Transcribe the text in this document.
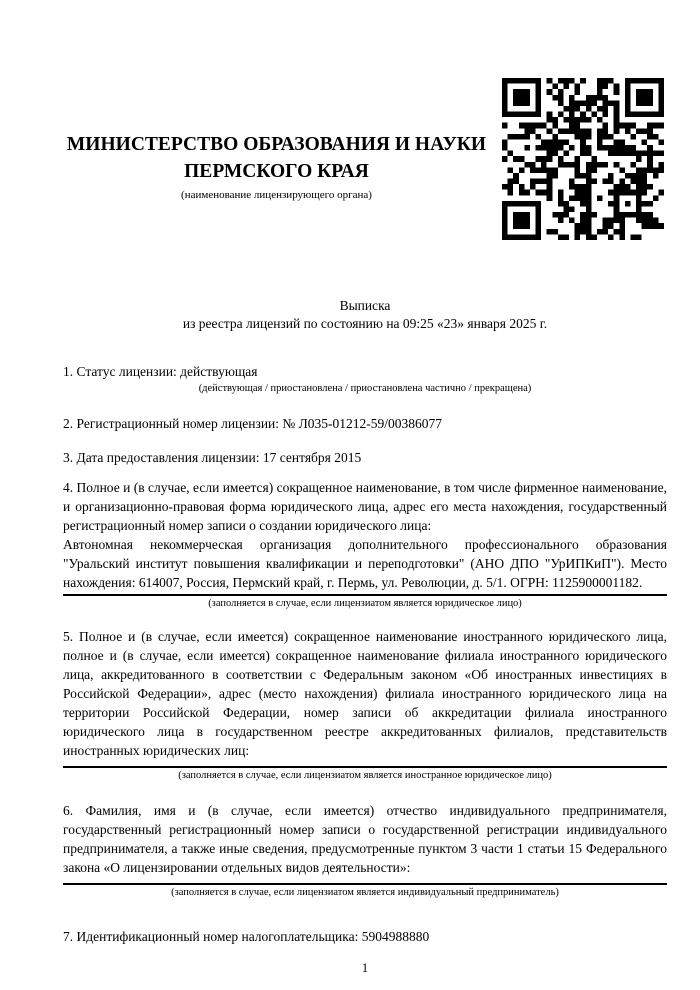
МИНИСТЕРСТВО ОБРАЗОВАНИЯ И НАУКИ
ПЕРМСКОГО КРАЯ
(наименование лицензирующего органа)
Выписка
из реестра лицензий по состоянию на 09:25 «23» января 2025 г.
1. Статус лицензии: действующая
(действующая / приостановлена / приостановлена частично / прекращена)
2. Регистрационный номер лицензии: № Л035-01212-59/00386077
3. Дата предоставления лицензии: 17 сентября 2015

4. Полное и (в случае, если имеется) сокращенное наименование, в том числе фирменное наименование, и организационно-правовая форма юридического лица, адрес его места нахождения, государственный регистрационный номер записи о создании юридического лица:

Автономная некоммерческая организация дополнительного профессионального образования "Уральский институт повышения квалификации и переподготовки" (АНО ДПО "УрИПКиП"). Место нахождения: 614007, Россия, Пермский край, г. Пермь, ул. Революции, д. 5/1. ОГРН: 1125900001182.

(заполняется в случае, если лицензиатом является юридическое лицо)

5. Полное и (в случае, если имеется) сокращенное наименование иностранного юридического лица, полное и (в случае, если имеется) сокращенное наименование филиала иностранного юридического лица, аккредитованного в соответствии с Федеральным законом «Об иностранных инвестициях в Российской Федерации», адрес (место нахождения) филиала иностранного юридического лица на территории Российской Федерации, номер записи об аккредитации филиала иностранного юридического лица в государственном реестре аккредитованных филиалов, представительств иностранных юридических лиц:

(заполняется в случае, если лицензиатом является иностранное юридическое лицо)

6. Фамилия, имя и (в случае, если имеется) отчество индивидуального предпринимателя, государственный регистрационный номер записи о государственной регистрации индивидуального предпринимателя, а также иные сведения, предусмотренные пунктом 3 части 1 статьи 15 Федерального закона «О лицензировании отдельных видов деятельности»:

(заполняется в случае, если лицензиатом является индивидуальный предприниматель)
7. Идентификационный номер налогоплательщика: 5904988880
1
